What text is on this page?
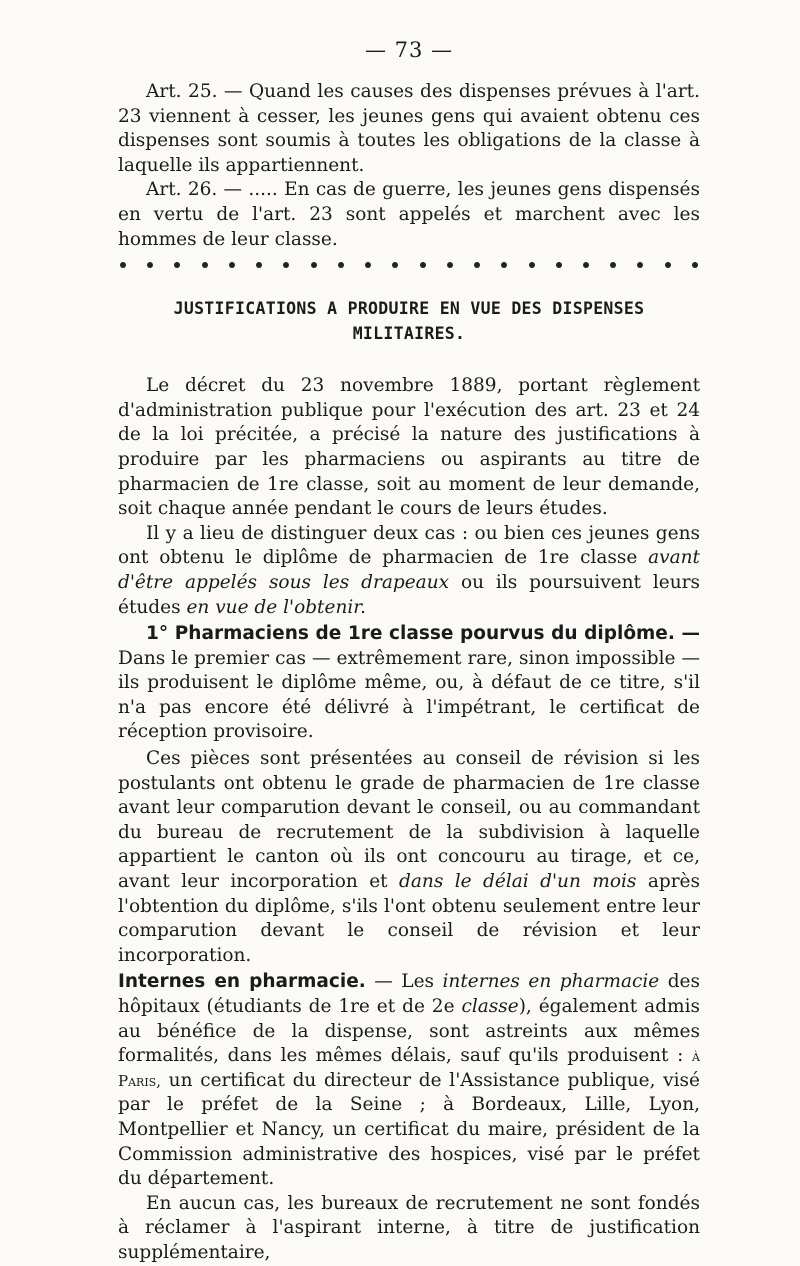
— 73 —

Art. 25. — Quand les causes des dispenses prévues à l'art. 23 viennent à cesser, les jeunes gens qui avaient obtenu ces dispenses sont soumis à toutes les obligations de la classe à laquelle ils appartiennent.

Art. 26. — ..... En cas de guerre, les jeunes gens dispensés en vertu de l'art. 23 sont appelés et marchent avec les hommes de leur classe.

JUSTIFICATIONS A PRODUIRE EN VUE DES DISPENSES MILITAIRES.

Le décret du 23 novembre 1889, portant règlement d'administration publique pour l'exécution des art. 23 et 24 de la loi précitée, a précisé la nature des justifications à produire par les pharmaciens ou aspirants au titre de pharmacien de 1re classe, soit au moment de leur demande, soit chaque année pendant le cours de leurs études.

Il y a lieu de distinguer deux cas : ou bien ces jeunes gens ont obtenu le diplôme de pharmacien de 1re classe avant d'être appelés sous les drapeaux ou ils poursuivent leurs études en vue de l'obtenir.

1° Pharmaciens de 1re classe pourvus du diplôme. — Dans le premier cas — extrêmement rare, sinon impossible — ils produisent le diplôme même, ou, à défaut de ce titre, s'il n'a pas encore été délivré à l'impétrant, le certificat de réception provisoire.

Ces pièces sont présentées au conseil de révision si les postulants ont obtenu le grade de pharmacien de 1re classe avant leur comparution devant le conseil, ou au commandant du bureau de recrutement de la subdivision à laquelle appartient le canton où ils ont concouru au tirage, et ce, avant leur incorporation et dans le délai d'un mois après l'obtention du diplôme, s'ils l'ont obtenu seulement entre leur comparution devant le conseil de révision et leur incorporation.

Internes en pharmacie. — Les internes en pharmacie des hôpitaux (étudiants de 1re et de 2e classe), également admis au bénéfice de la dispense, sont astreints aux mêmes formalités, dans les mêmes délais, sauf qu'ils produisent : à Paris, un certificat du directeur de l'Assistance publique, visé par le préfet de la Seine ; à Bordeaux, Lille, Lyon, Montpellier et Nancy, un certificat du maire, président de la Commission administrative des hospices, visé par le préfet du département.

En aucun cas, les bureaux de recrutement ne sont fondés à réclamer à l'aspirant interne, à titre de justification supplémentaire,
